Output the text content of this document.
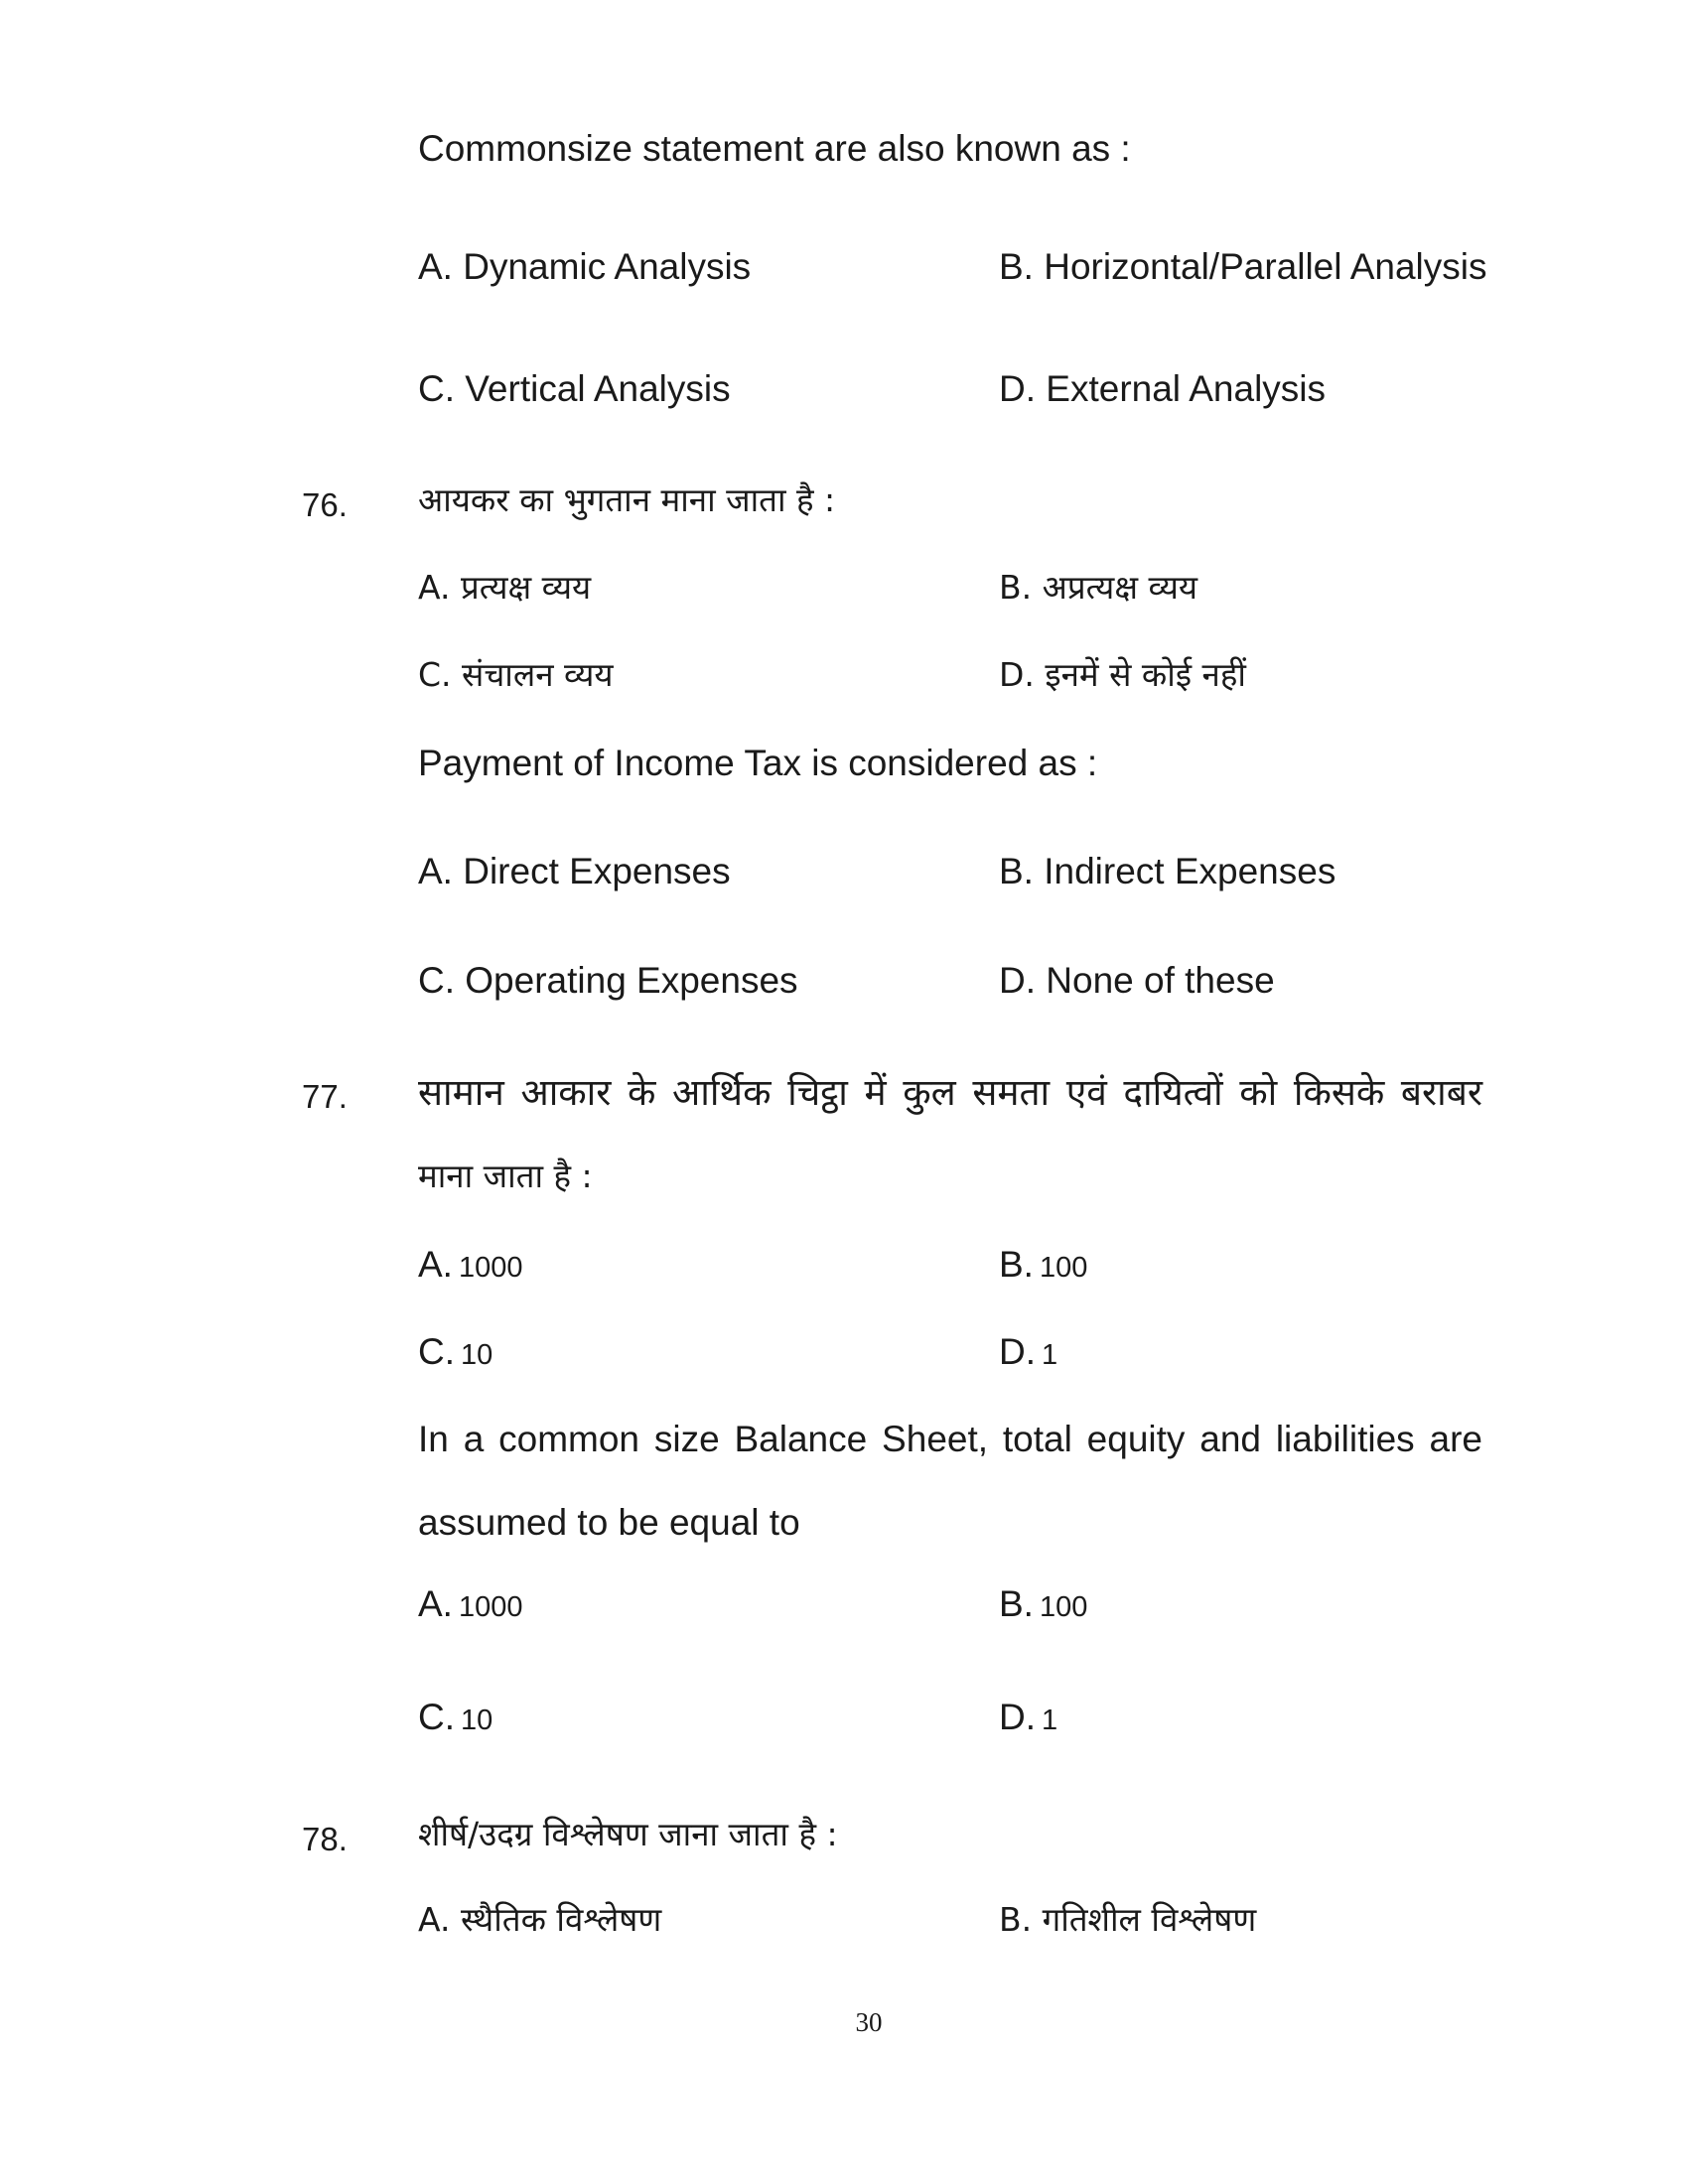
Commonsize statement are also known as :
A. Dynamic Analysis	B. Horizontal/Parallel Analysis
C. Vertical Analysis	D. External Analysis
76. आयकर का भुगतान माना जाता है :
A. प्रत्यक्ष व्यय	B. अप्रत्यक्ष व्यय
C. संचालन व्यय	D. इनमें से कोई नहीं
Payment of Income Tax is considered as :
A. Direct Expenses	B. Indirect Expenses
C. Operating Expenses	D. None of these
77. सामान आकार के आर्थिक चिट्ठा में कुल समता एवं दायित्वों को किसके बराबर
माना जाता है :
A. 1000	B. 100
C. 10	D. 1
In a common size Balance Sheet, total equity and liabilities are
assumed to be equal to
A. 1000	B. 100
C. 10	D. 1
78. शीर्ष/उदग्र विश्लेषण जाना जाता है :
A. स्थैतिक विश्लेषण	B. गतिशील विश्लेषण
30
